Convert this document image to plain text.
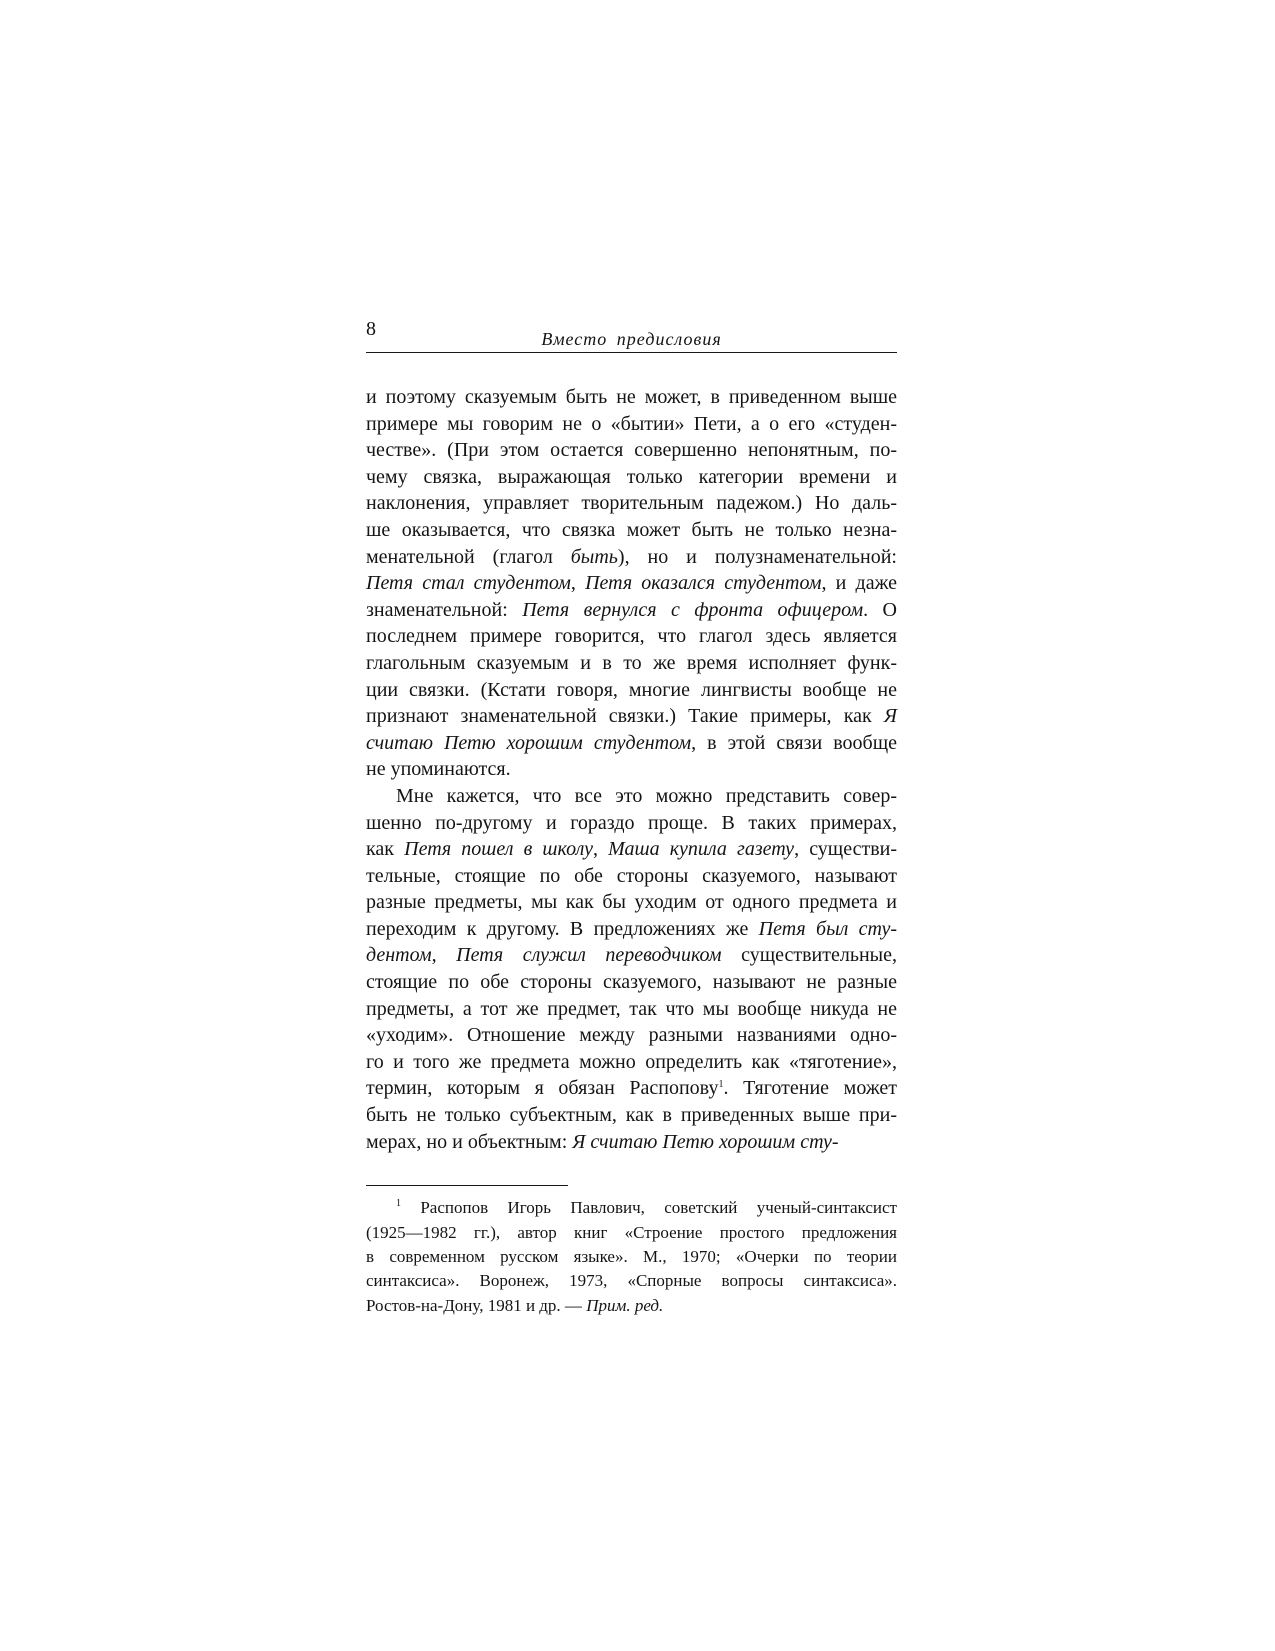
8	Вместо предисловия
и поэтому сказуемым быть не может, в приведенном выше
примере мы говорим не о «бытии» Пети, а о его «студен-
честве». (При этом остается совершенно непонятным, по-
чему связка, выражающая только категории времени и
наклонения, управляет творительным падежом.) Но даль-
ше оказывается, что связка может быть не только незна-
менательной (глагол быть), но и полузнаменательной:
Петя стал студентом, Петя оказался студентом, и даже
знаменательной: Петя вернулся с фронта офицером. О
последнем примере говорится, что глагол здесь является
глагольным сказуемым и в то же время исполняет функ-
ции связки. (Кстати говоря, многие лингвисты вообще не
признают знаменательной связки.) Такие примеры, как Я
считаю Петю хорошим студентом, в этой связи вообще
не упоминаются.
Мне кажется, что все это можно представить совер-
шенно по-другому и гораздо проще. В таких примерах,
как Петя пошел в школу, Маша купила газету, существи-
тельные, стоящие по обе стороны сказуемого, называют
разные предметы, мы как бы уходим от одного предмета и
переходим к другому. В предложениях же Петя был сту-
дентом, Петя служил переводчиком существительные,
стоящие по обе стороны сказуемого, называют не разные
предметы, а тот же предмет, так что мы вообще никуда не
«уходим». Отношение между разными названиями одно-
го и того же предмета можно определить как «тяготение»,
термин, которым я обязан Распопову$^1$. Тяготение может
быть не только субъектным, как в приведенных выше при-
мерах, но и объектным: Я считаю Петю хорошим сту-
$^1$ Распопов Игорь Павлович, советский ученый-синтаксист
(1925—1982 гг.), автор книг «Строение простого предложения
в современном русском языке». М., 1970; «Очерки по теории
синтаксиса». Воронеж, 1973, «Спорные вопросы синтаксиса».
Ростов-на-Дону, 1981 и др. — Прим. ред.
